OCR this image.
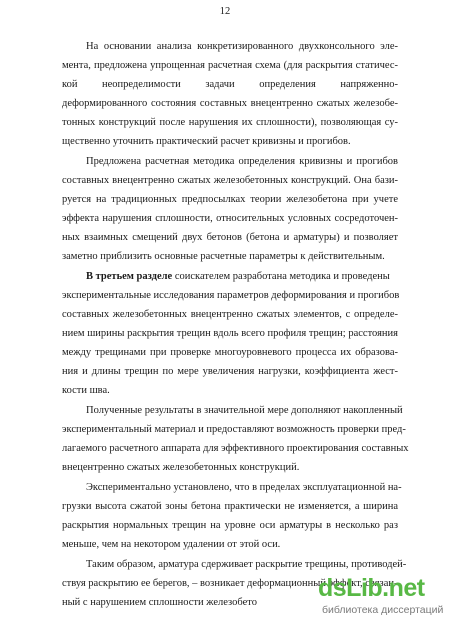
12
На основании анализа конкретизированного двухконсольного эле-
мента, предложена упрощенная расчетная схема (для раскрытия статичес-
кой неопределимости задачи определения напряженно-
деформированного состояния составных внецентренно сжатых железобе-
тонных конструкций после нарушения их сплошности), позволяющая су-
щественно уточнить практический расчет кривизны и прогибов.
Предложена расчетная методика определения кривизны и прогибов
составных внецентренно сжатых железобетонных конструкций. Она бази-
руется на традиционных предпосылках теории железобетона при учете
эффекта нарушения сплошности, относительных условных сосредоточен-
ных взаимных смещений двух бетонов (бетона и арматуры) и позволяет
заметно приблизить основные расчетные параметры к действительным.
В третьем разделе соискателем разработана методика и проведены
экспериментальные исследования параметров деформирования и прогибов
составных железобетонных внецентренно сжатых элементов, с определе-
нием ширины раскрытия трещин вдоль всего профиля трещин; расстояния
между трещинами при проверке многоуровневого процесса их образова-
ния и длины трещин по мере увеличения нагрузки, коэффициента жест-
кости шва.
Полученные результаты в значительной мере дополняют накопленный
экспериментальный материал и предоставляют возможность проверки пред-
лагаемого расчетного аппарата для эффективного проектирования составных
внецентренно сжатых железобетонных конструкций.
Экспериментально установлено, что в пределах эксплуатационной на-
грузки высота сжатой зоны бетона практически не изменяется, а ширина
раскрытия нормальных трещин на уровне оси арматуры в несколько раз
меньше, чем на некотором удалении от этой оси.
Таким образом, арматура сдерживает раскрытие трещины, противодей-
ствуя раскрытию ее берегов, – возникает деформационный эффект, связан-
ный с нарушением сплошности железобето
dsLib.net
библиотека диссертаций
